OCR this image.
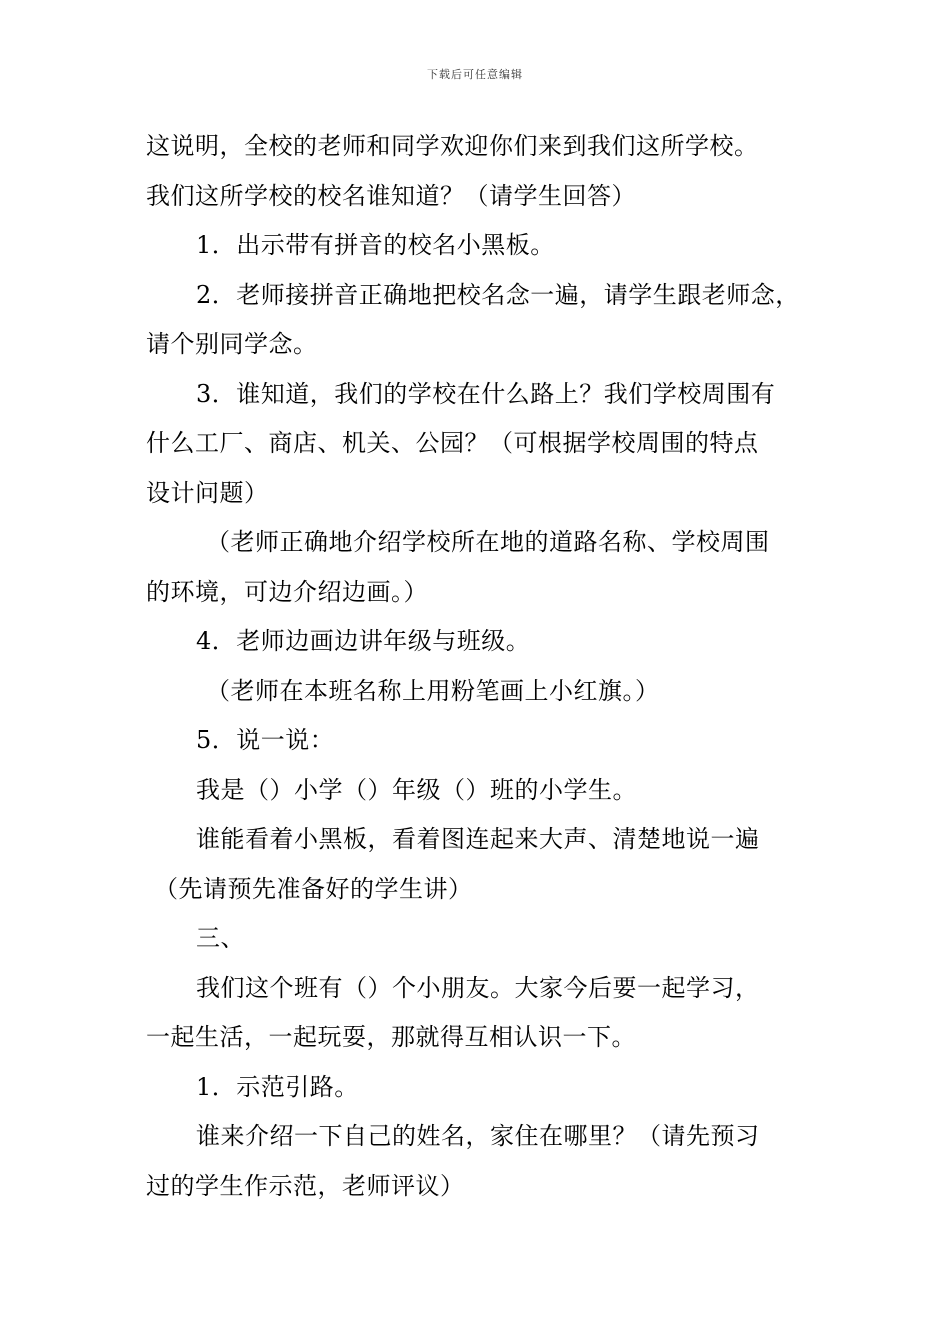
下载后可任意编辑
这说明，全校的老师和同学欢迎你们来到我们这所学校。
我们这所学校的校名谁知道？（请学生回答）
1．出示带有拼音的校名小黑板。
2．老师接拼音正确地把校名念一遍，请学生跟老师念，
请个别同学念。
3．谁知道，我们的学校在什么路上？我们学校周围有
什么工厂、商店、机关、公园？（可根据学校周围的特点
设计问题）
（老师正确地介绍学校所在地的道路名称、学校周围
的环境，可边介绍边画。）
4．老师边画边讲年级与班级。
（老师在本班名称上用粉笔画上小红旗。）
5．说一说：
我是（）小学（）年级（）班的小学生。
谁能看着小黑板，看着图连起来大声、清楚地说一遍
（先请预先准备好的学生讲）
三、
我们这个班有（）个小朋友。大家今后要一起学习，
一起生活，一起玩耍，那就得互相认识一下。
1．示范引路。
谁来介绍一下自己的姓名，家住在哪里？（请先预习
过的学生作示范，老师评议）
